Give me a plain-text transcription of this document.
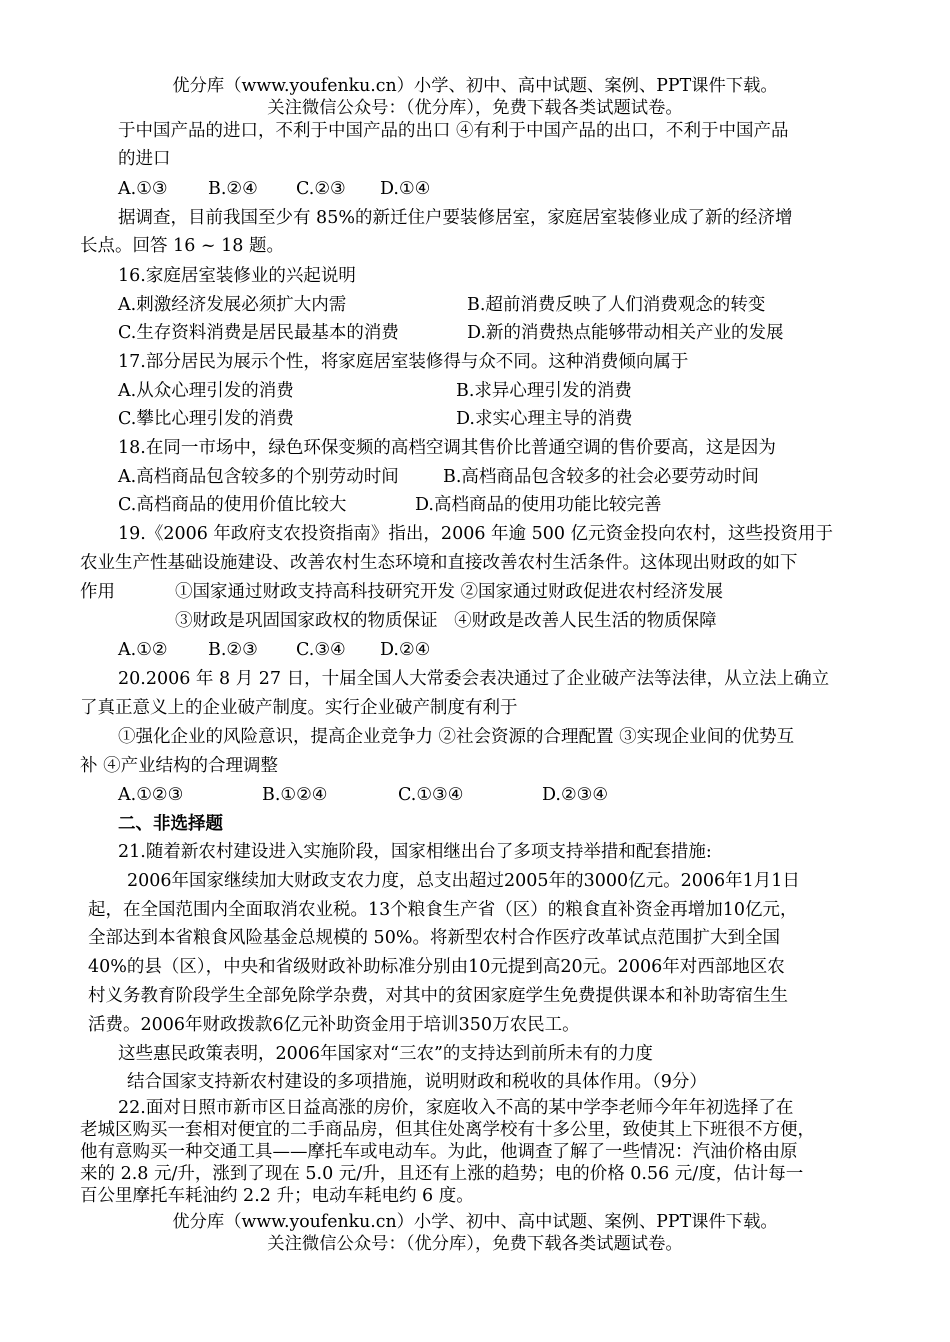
优分库（www.youfenku.cn）小学、初中、高中试题、案例、PPT课件下载。
关注微信公众号：（优分库），免费下载各类试题试卷。
于中国产品的进口，不利于中国产品的出口 ④有利于中国产品的出口，不利于中国产品
的进口
A.①③ B.②④ C.②③ D.①④
据调查，目前我国至少有 85%的新迁住户要装修居室，家庭居室装修业成了新的经济增
长点。回答 16 ~ 18 题。
16.家庭居室装修业的兴起说明
A.刺激经济发展必须扩大内需	B.超前消费反映了人们消费观念的转变
C.生存资料消费是居民最基本的消费	D.新的消费热点能够带动相关产业的发展
17.部分居民为展示个性，将家庭居室装修得与众不同。这种消费倾向属于
A.从众心理引发的消费	B.求异心理引发的消费
C.攀比心理引发的消费	D.求实心理主导的消费
18.在同一市场中，绿色环保变频的高档空调其售价比普通空调的售价要高，这是因为
A.高档商品包含较多的个别劳动时间	B.高档商品包含较多的社会必要劳动时间
C.高档商品的使用价值比较大	D.高档商品的使用功能比较完善
19.《2006 年政府支农投资指南》指出，2006 年逾 500 亿元资金投向农村，这些投资用于
农业生产性基础设施建设、改善农村生态环境和直接改善农村生活条件。这体现出财政的如下
作用	①国家通过财政支持高科技研究开发 ②国家通过财政促进农村经济发展
③财政是巩固国家政权的物质保证   ④财政是改善人民生活的物质保障
A.①② B.②③ C.③④ D.②④
20.2006 年 8 月 27 日，十届全国人大常委会表决通过了企业破产法等法律，从立法上确立
了真正意义上的企业破产制度。实行企业破产制度有利于
①强化企业的风险意识，提高企业竞争力 ②社会资源的合理配置 ③实现企业间的优势互
补 ④产业结构的合理调整
A.①②③	B.①②④	C.①③④	D.②③④
二、非选择题
21.随着新农村建设进入实施阶段，国家相继出台了多项支持举措和配套措施:
2006年国家继续加大财政支农力度，总支出超过2005年的3000亿元。2006年1月1日
起，在全国范围内全面取消农业税。13个粮食生产省（区）的粮食直补资金再增加10亿元，
全部达到本省粮食风险基金总规模的 50%。将新型农村合作医疗改革试点范围扩大到全国
40%的县（区），中央和省级财政补助标准分别由10元提到高20元。2006年对西部地区农
村义务教育阶段学生全部免除学杂费，对其中的贫困家庭学生免费提供课本和补助寄宿生生
活费。2006年财政拨款6亿元补助资金用于培训350万农民工。
这些惠民政策表明，2006年国家对“三农”的支持达到前所未有的力度
结合国家支持新农村建设的多项措施，说明财政和税收的具体作用。（9分）
22.面对日照市新市区日益高涨的房价，家庭收入不高的某中学李老师今年年初选择了在
老城区购买一套相对便宜的二手商品房，但其住处离学校有十多公里，致使其上下班很不方便，
他有意购买一种交通工具——摩托车或电动车。为此，他调查了解了一些情况：汽油价格由原
来的 2.8 元/升，涨到了现在 5.0 元/升，且还有上涨的趋势；电的价格 0.56 元/度，估计每一
百公里摩托车耗油约 2.2 升；电动车耗电约 6 度。
优分库（www.youfenku.cn）小学、初中、高中试题、案例、PPT课件下载。
关注微信公众号：（优分库），免费下载各类试题试卷。
